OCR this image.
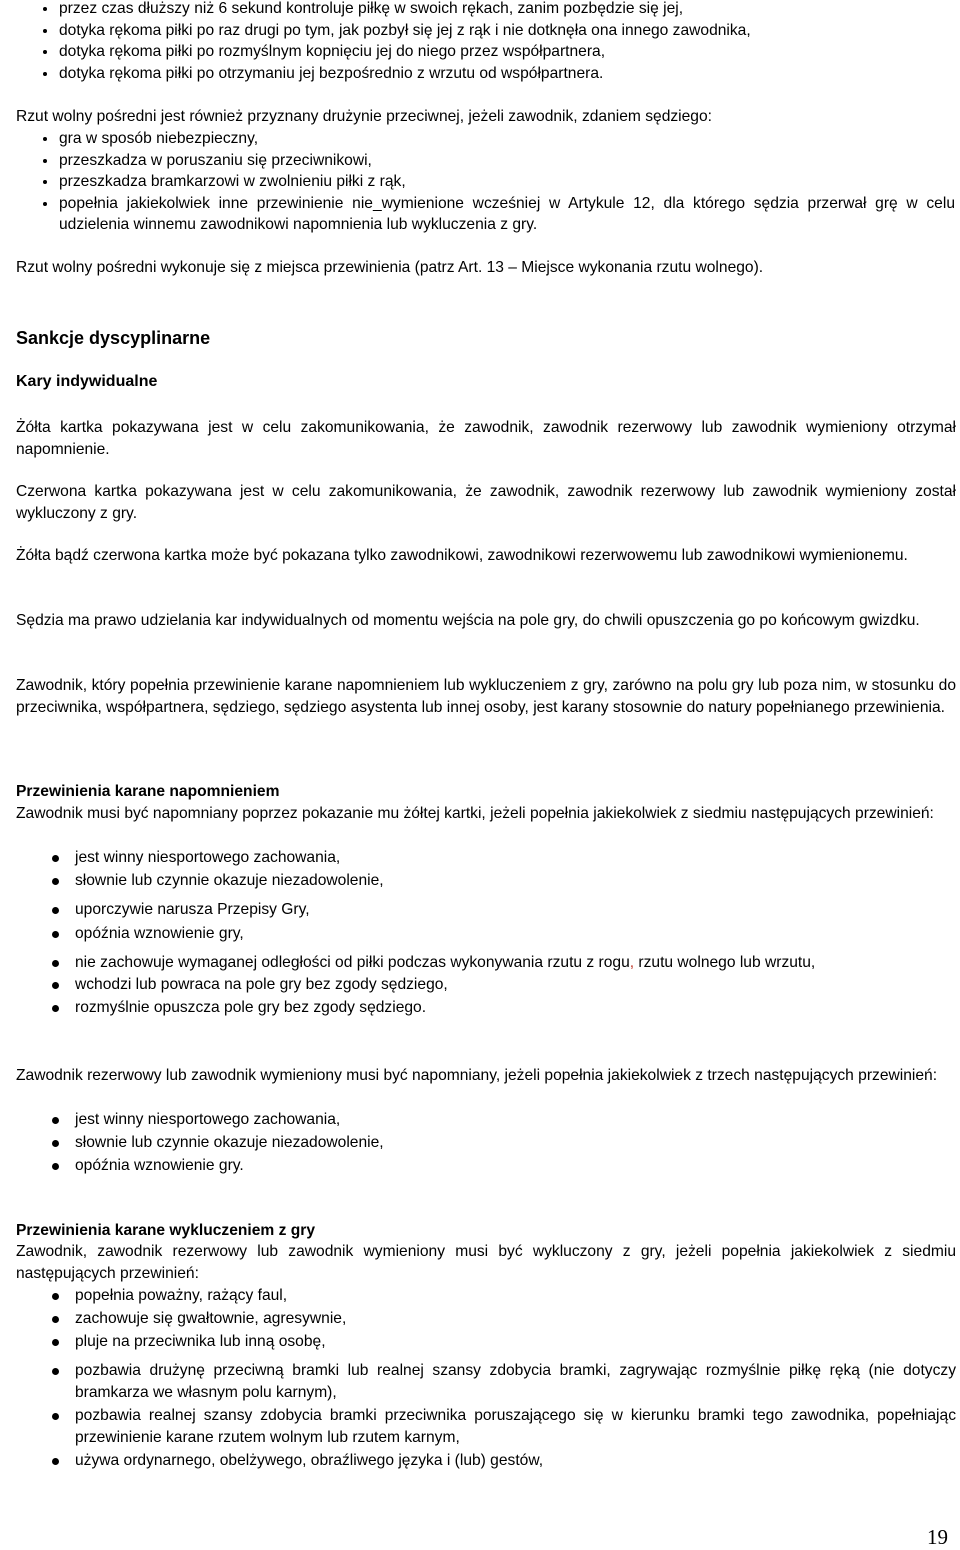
przez czas dłuższy niż 6 sekund kontroluje piłkę w swoich rękach, zanim pozbędzie się jej,
dotyka rękoma piłki po raz drugi po tym, jak pozbył się jej z rąk i nie dotknęła ona innego zawodnika,
dotyka rękoma piłki po rozmyślnym kopnięciu jej do niego przez współpartnera,
dotyka rękoma piłki po otrzymaniu jej bezpośrednio z wrzutu od współpartnera.
Rzut wolny pośredni jest również przyznany drużynie przeciwnej, jeżeli zawodnik, zdaniem sędziego:
gra w sposób niebezpieczny,
przeszkadza w poruszaniu się przeciwnikowi,
przeszkadza bramkarzowi w zwolnieniu piłki z rąk,
popełnia jakiekolwiek inne przewinienie nie_wymienione wcześniej w Artykule 12, dla którego sędzia przerwał grę w celu udzielenia winnemu zawodnikowi napomnienia lub wykluczenia z gry.
Rzut wolny pośredni wykonuje się z miejsca przewinienia (patrz Art. 13 – Miejsce wykonania rzutu wolnego).
Sankcje dyscyplinarne
Kary indywidualne
Żółta kartka pokazywana jest w celu zakomunikowania, że zawodnik, zawodnik rezerwowy lub zawodnik wymieniony otrzymał napomnienie.
Czerwona kartka pokazywana jest w celu zakomunikowania, że zawodnik, zawodnik rezerwowy lub zawodnik wymieniony został wykluczony z gry.
Żółta bądź czerwona kartka może być pokazana tylko zawodnikowi, zawodnikowi rezerwowemu lub zawodnikowi wymienionemu.
Sędzia ma prawo udzielania kar indywidualnych od momentu wejścia na pole gry, do chwili opuszczenia go po końcowym gwizdku.
Zawodnik, który popełnia przewinienie karane napomnieniem lub wykluczeniem z gry, zarówno na polu gry lub poza nim, w stosunku do przeciwnika, współpartnera, sędziego, sędziego asystenta lub innej osoby, jest karany stosownie do natury popełnianego przewinienia.
Przewinienia karane napomnieniem
Zawodnik musi być napomniany poprzez pokazanie mu żółtej kartki, jeżeli popełnia jakiekolwiek z siedmiu następujących przewinień:
jest winny niesportowego zachowania,
słownie lub czynnie okazuje niezadowolenie,
uporczywie narusza Przepisy Gry,
opóźnia wznowienie gry,
nie zachowuje wymaganej odległości od piłki podczas wykonywania rzutu z rogu, rzutu wolnego lub wrzutu,
wchodzi lub powraca na pole gry bez zgody sędziego,
rozmyślnie opuszcza pole gry bez zgody sędziego.
Zawodnik rezerwowy lub zawodnik wymieniony musi być napomniany, jeżeli popełnia jakiekolwiek z trzech następujących przewinień:
jest winny niesportowego zachowania,
słownie lub czynnie okazuje niezadowolenie,
opóźnia wznowienie gry.
Przewinienia karane wykluczeniem z gry
Zawodnik, zawodnik rezerwowy lub zawodnik wymieniony musi być wykluczony z gry, jeżeli popełnia jakiekolwiek z siedmiu następujących przewinień:
popełnia poważny, rażący faul,
zachowuje się gwałtownie, agresywnie,
pluje na przeciwnika lub inną osobę,
pozbawia drużynę przeciwną bramki lub realnej szansy zdobycia bramki, zagrywając rozmyślnie piłkę ręką (nie dotyczy bramkarza we własnym polu karnym),
pozbawia realnej szansy zdobycia bramki przeciwnika poruszającego się w kierunku bramki tego zawodnika, popełniając przewinienie karane rzutem wolnym lub rzutem karnym,
używa ordynarnego, obelżywego, obraźliwego języka i (lub) gestów,
19
